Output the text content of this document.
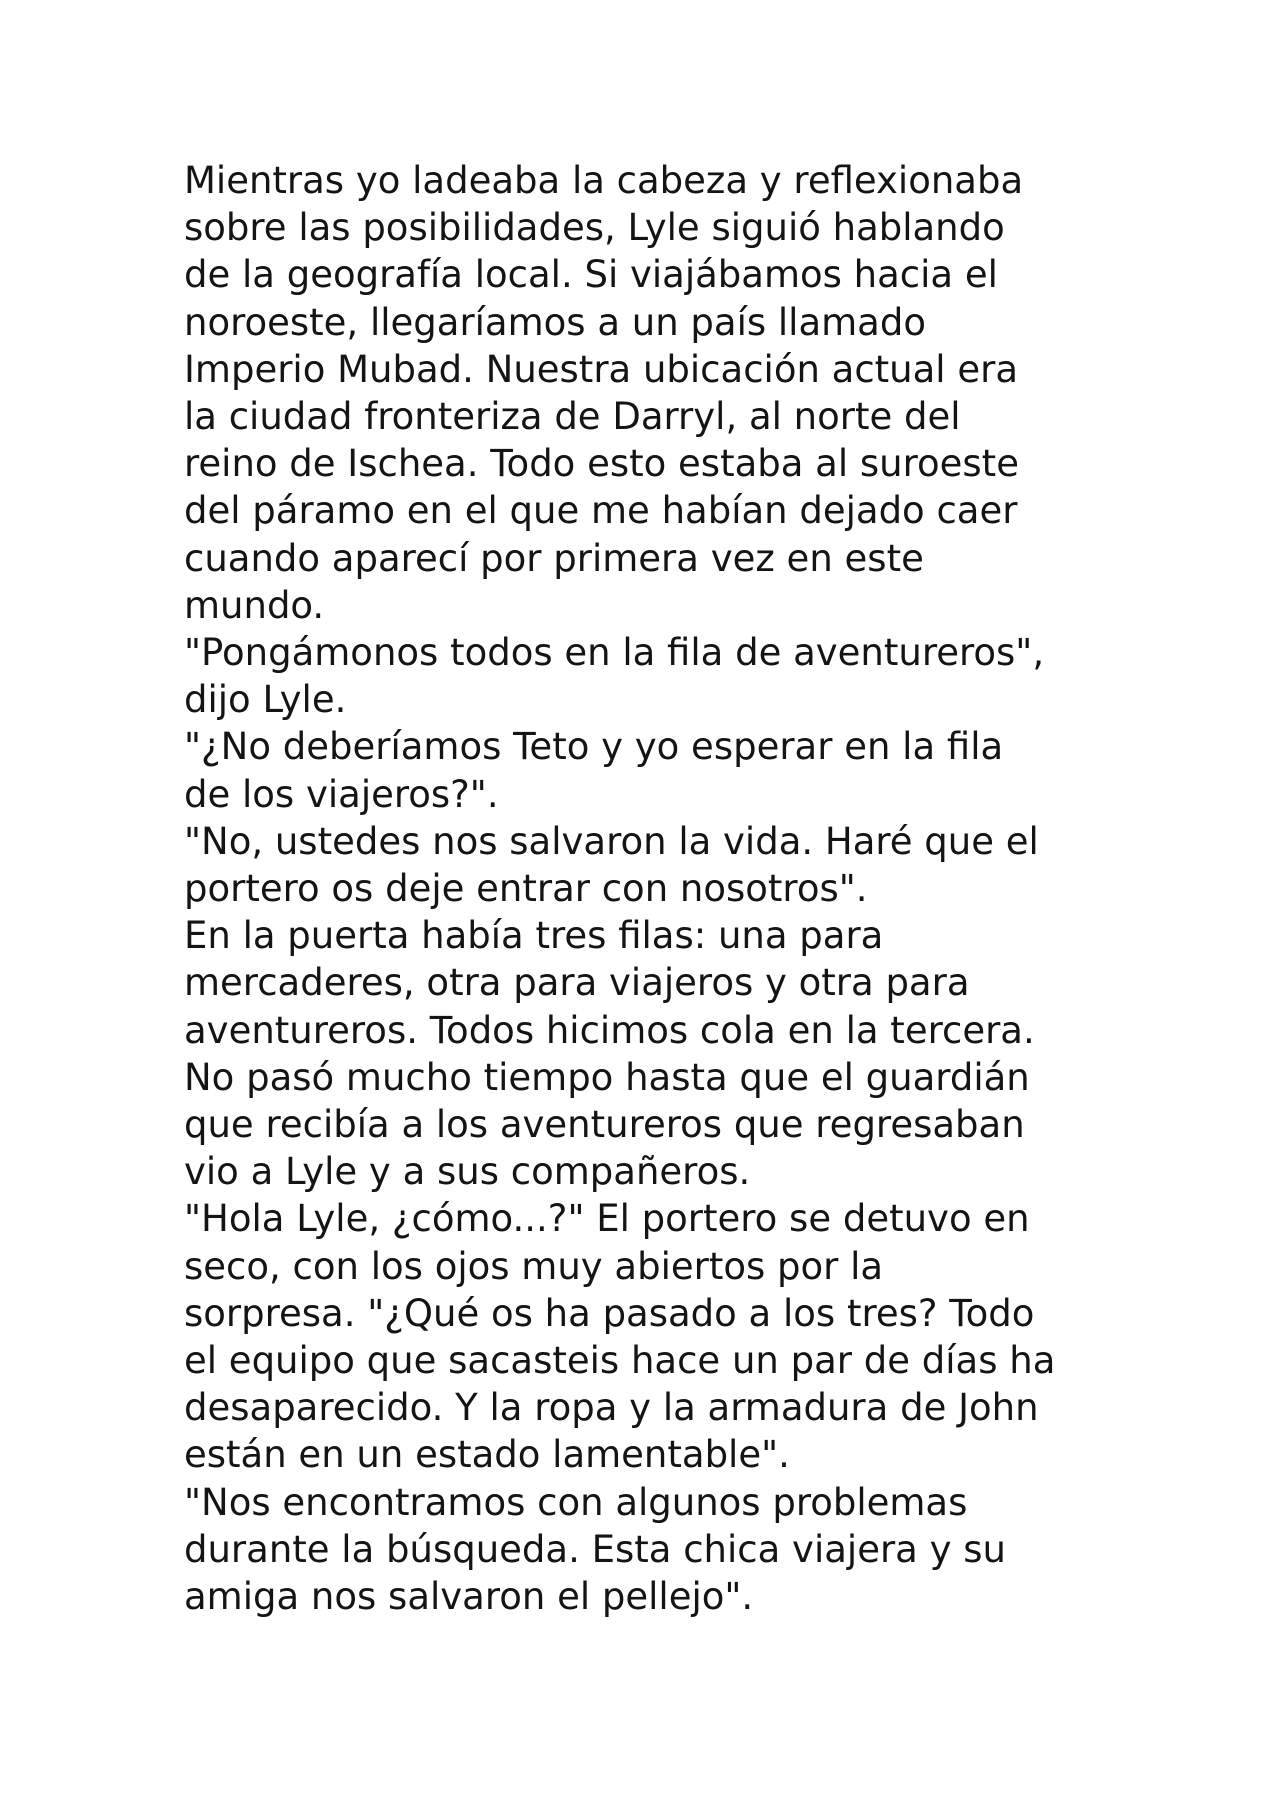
Mientras yo ladeaba la cabeza y reflexionaba
sobre las posibilidades, Lyle siguió hablando
de la geografía local. Si viajábamos hacia el
noroeste, llegaríamos a un país llamado
Imperio Mubad. Nuestra ubicación actual era
la ciudad fronteriza de Darryl, al norte del
reino de Ischea. Todo esto estaba al suroeste
del páramo en el que me habían dejado caer
cuando aparecí por primera vez en este
mundo.
"Pongámonos todos en la fila de aventureros",
dijo Lyle.
"¿No deberíamos Teto y yo esperar en la fila
de los viajeros?".
"No, ustedes nos salvaron la vida. Haré que el
portero os deje entrar con nosotros".
En la puerta había tres filas: una para
mercaderes, otra para viajeros y otra para
aventureros. Todos hicimos cola en la tercera.
No pasó mucho tiempo hasta que el guardián
que recibía a los aventureros que regresaban
vio a Lyle y a sus compañeros.
"Hola Lyle, ¿cómo...?" El portero se detuvo en
seco, con los ojos muy abiertos por la
sorpresa. "¿Qué os ha pasado a los tres? Todo
el equipo que sacasteis hace un par de días ha
desaparecido. Y la ropa y la armadura de John
están en un estado lamentable".
"Nos encontramos con algunos problemas
durante la búsqueda. Esta chica viajera y su
amiga nos salvaron el pellejo".
